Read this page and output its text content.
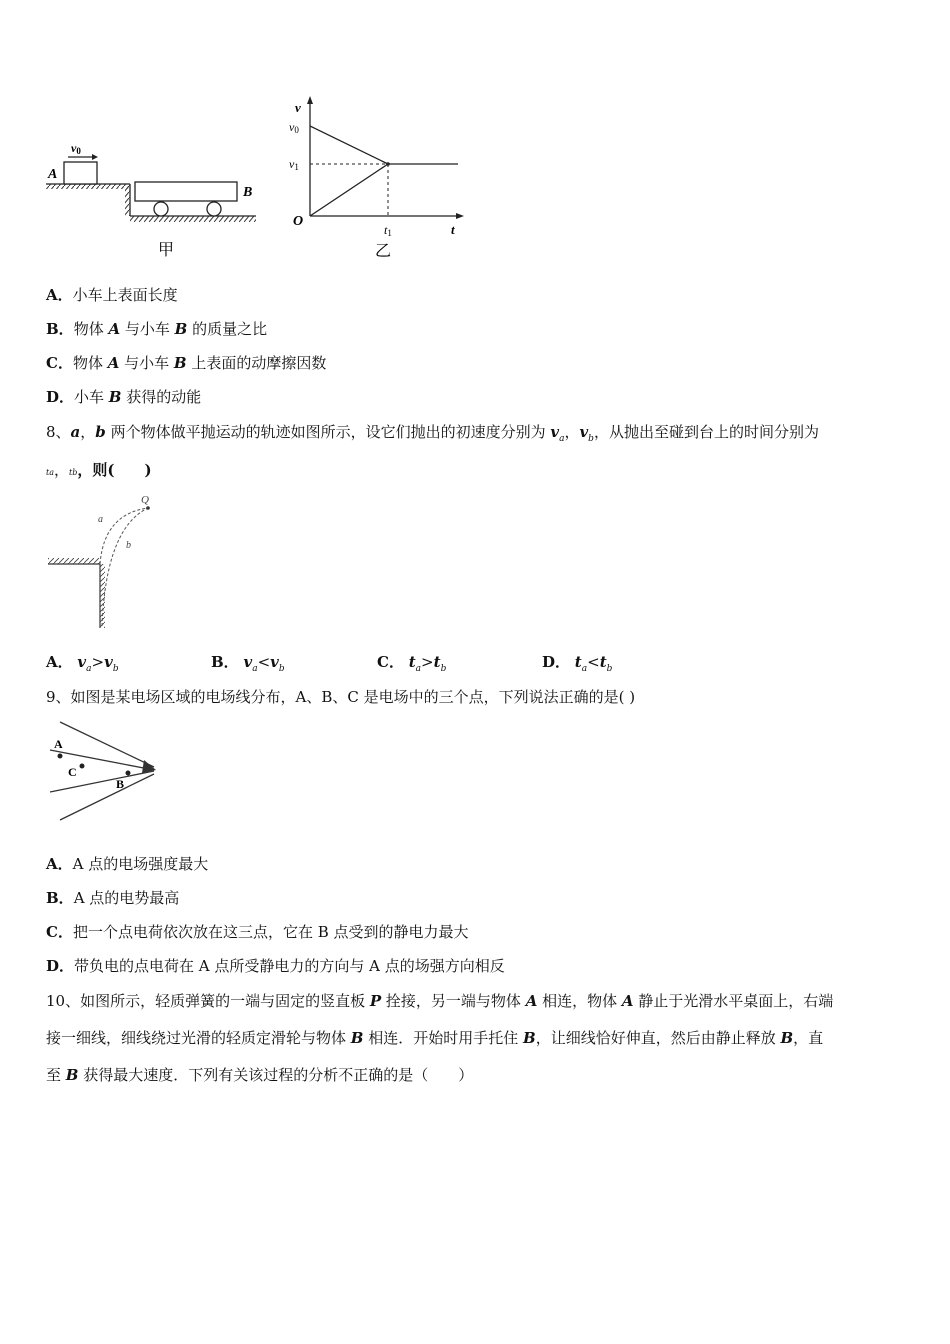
A
v0
B
甲
v
t
O
v0
v1
t1
乙
A．小车上表面长度
B．物体 A 与小车 B 的质量之比
C．物体 A 与小车 B 上表面的动摩擦因数
D．小车 B 获得的动能
8、a，b 两个物体做平抛运动的轨迹如图所示，设它们抛出的初速度分别为 $v_a$，$v_b$，从抛出至碰到台上的时间分别为
ta，tb，则(　　)
Q
a
b
A． $v_a>v_b$	B． $v_a<v_b$	C． $t_a>t_b$	D． $t_a<t_b$
9、如图是某电场区域的电场线分布，A、B、C 是电场中的三个点，下列说法正确的是( )
A
C
B
A．A 点的电场强度最大
B．A 点的电势最高
C．把一个点电荷依次放在这三点，它在 B 点受到的静电力最大
D．带负电的点电荷在 A 点所受静电力的方向与 A 点的场强方向相反
10、如图所示，轻质弹簧的一端与固定的竖直板 P 拴接，另一端与物体 A 相连，物体 A 静止于光滑水平桌面上，右端
接一细线，细线绕过光滑的轻质定滑轮与物体 B 相连．开始时用手托住 B，让细线恰好伸直，然后由静止释放 B，直
至 B 获得最大速度．下列有关该过程的分析不正确的是（　　）
